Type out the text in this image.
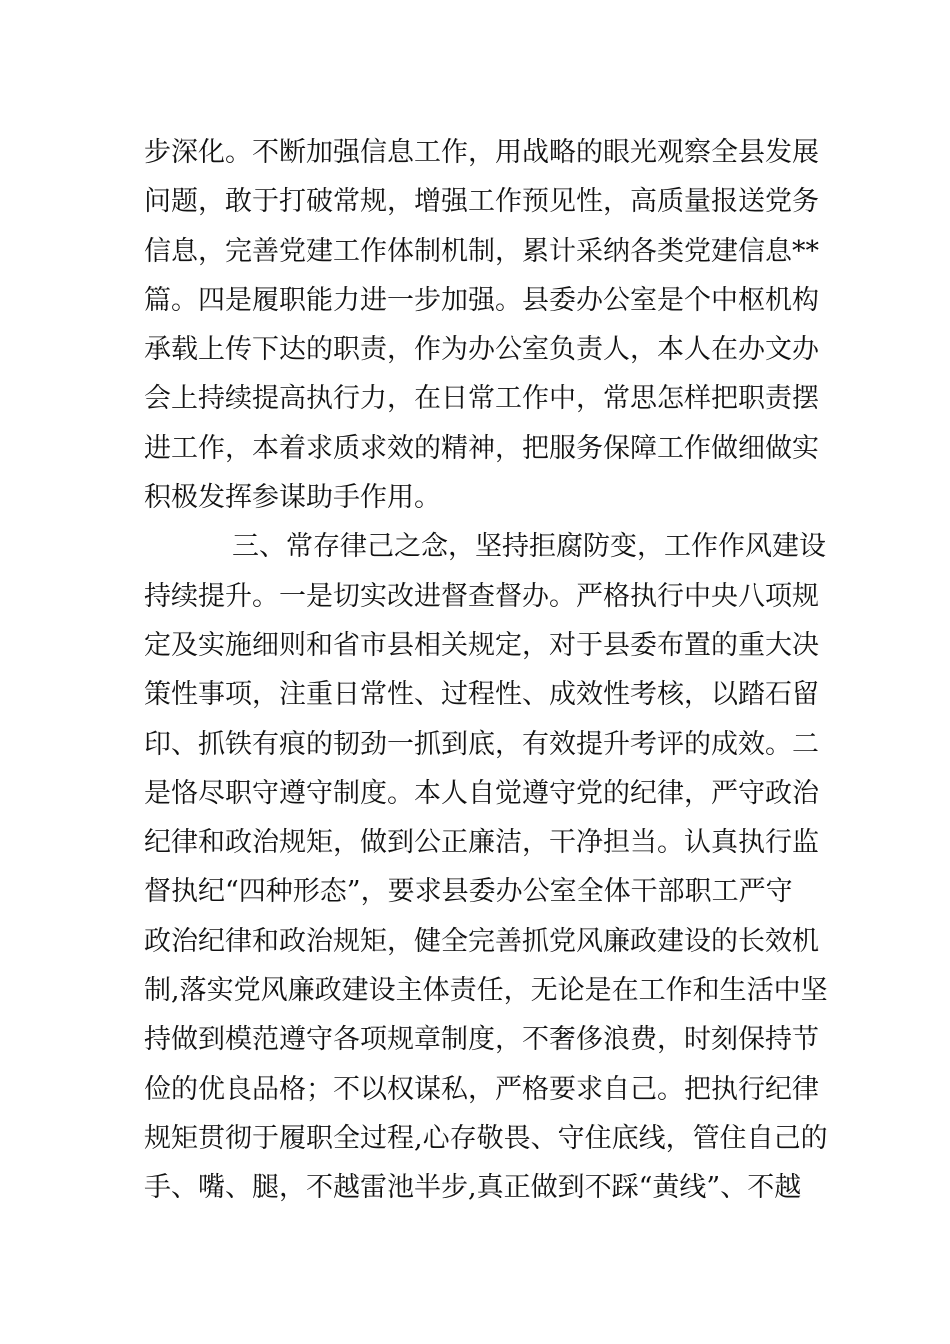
步深化。不断加强信息工作，用战略的眼光观察全县发展
问题，敢于打破常规，增强工作预见性，高质量报送党务
信息，完善党建工作体制机制，累计采纳各类党建信息**
篇。四是履职能力进一步加强。县委办公室是个中枢机构
承载上传下达的职责，作为办公室负责人，本人在办文办
会上持续提高执行力，在日常工作中，常思怎样把职责摆
进工作，本着求质求效的精神，把服务保障工作做细做实
积极发挥参谋助手作用。
三、常存律己之念，坚持拒腐防变，工作作风建设
持续提升。一是切实改进督查督办。严格执行中央八项规
定及实施细则和省市县相关规定，对于县委布置的重大决
策性事项，注重日常性、过程性、成效性考核，以踏石留
印、抓铁有痕的韧劲一抓到底，有效提升考评的成效。二
是恪尽职守遵守制度。本人自觉遵守党的纪律，严守政治
纪律和政治规矩，做到公正廉洁，干净担当。认真执行监
督执纪“四种形态”，要求县委办公室全体干部职工严守
政治纪律和政治规矩，健全完善抓党风廉政建设的长效机
制,落实党风廉政建设主体责任，无论是在工作和生活中坚
持做到模范遵守各项规章制度，不奢侈浪费，时刻保持节
俭的优良品格；不以权谋私，严格要求自己。把执行纪律
规矩贯彻于履职全过程,心存敬畏、守住底线，管住自己的
手、嘴、腿，不越雷池半步,真正做到不踩“黄线”、不越
